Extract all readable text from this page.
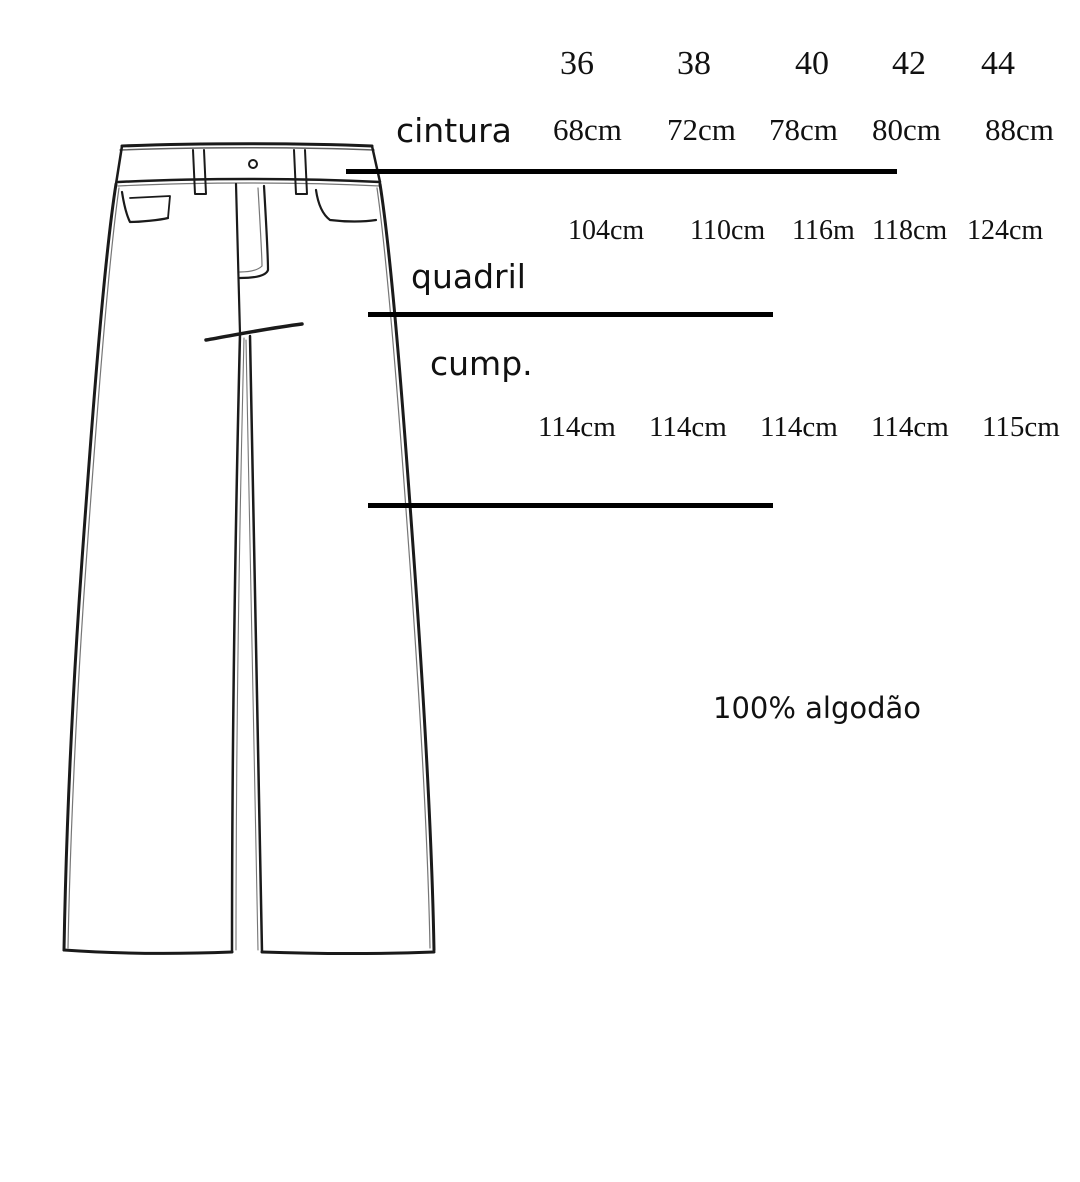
36 38 40 42 44
cintura 68cm 72cm 78cm 80cm 88cm
104cm 110cm 116m 118cm 124cm
quadril
cump.
114cm 114cm 114cm 114cm 115cm
100% algodão
